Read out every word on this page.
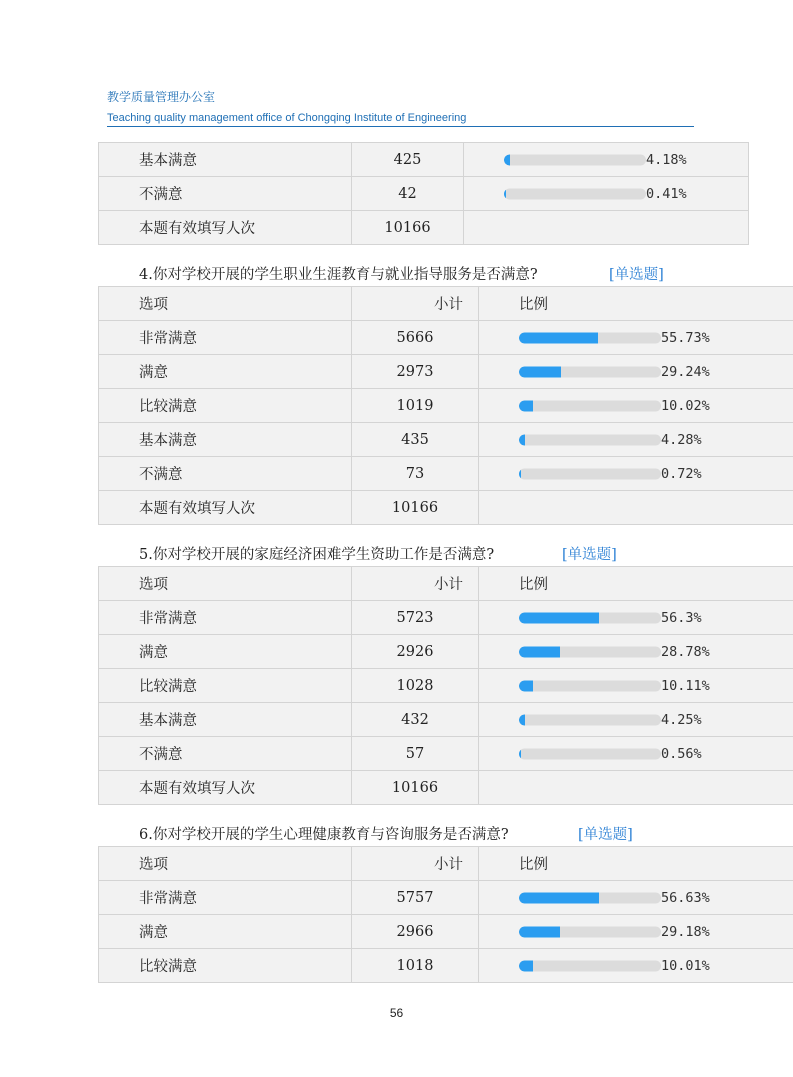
教学质量管理办公室
Teaching quality management office of Chongqing Institute of Engineering
基本满意	425	4.18%

不满意	42	0.41%

本题有效填写人次	10166	
4.你对学校开展的学生职业生涯教育与就业指导服务是否满意?	[单选题]
选项	小计	比例
非常满意	5666	55.73%

满意	2973	29.24%

比较满意	1019	10.02%

基本满意	435	4.28%

不满意	73	0.72%

本题有效填写人次	10166	
5.你对学校开展的家庭经济困难学生资助工作是否满意?	[单选题]
选项	小计	比例
非常满意	5723	56.3%

满意	2926	28.78%

比较满意	1028	10.11%

基本满意	432	4.25%

不满意	57	0.56%

本题有效填写人次	10166	
6.你对学校开展的学生心理健康教育与咨询服务是否满意?	[单选题]
选项	小计	比例
非常满意	5757	56.63%

满意	2966	29.18%

比较满意	1018	10.01%
56
